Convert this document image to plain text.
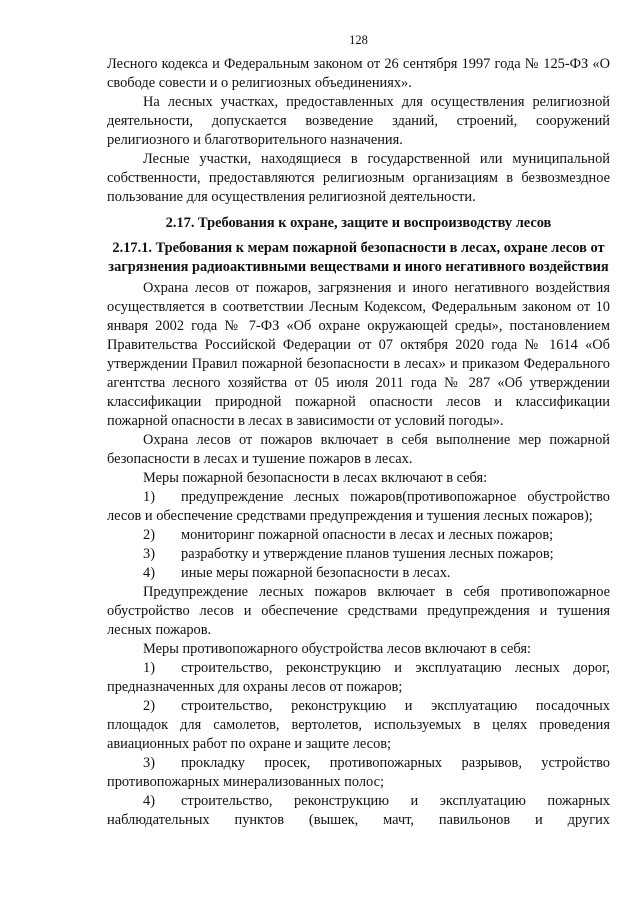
128

Лесного кодекса и Федеральным законом от 26 сентября 1997 года № 125-ФЗ «О свободе совести и о религиозных объединениях».

На лесных участках, предоставленных для осуществления религиозной деятельности, допускается возведение зданий, строений, сооружений религиозного и благотворительного назначения.

Лесные участки, находящиеся в государственной или муниципальной собственности, предоставляются религиозным организациям в безвозмездное пользование для осуществления религиозной деятельности.

2.17. Требования к охране, защите и воспроизводству лесов
2.17.1. Требования к мерам пожарной безопасности в лесах, охране лесов от загрязнения радиоактивными веществами и иного негативного воздействия

Охрана лесов от пожаров, загрязнения и иного негативного воздействия осуществляется в соответствии Лесным Кодексом, Федеральным законом от 10 января 2002 года № 7-ФЗ «Об охране окружающей среды», постановлением Правительства Российской Федерации от 07 октября 2020 года № 1614 «Об утверждении Правил пожарной безопасности в лесах» и приказом Федерального агентства лесного хозяйства от 05 июля 2011 года № 287 «Об утверждении классификации природной пожарной опасности лесов и классификации пожарной опасности в лесах в зависимости от условий погоды».

Охрана лесов от пожаров включает в себя выполнение мер пожарной безопасности в лесах и тушение пожаров в лесах.

Меры пожарной безопасности в лесах включают в себя:

1) предупреждение лесных пожаров(противопожарное обустройство лесов и обеспечение средствами предупреждения и тушения лесных пожаров);

2) мониторинг пожарной опасности в лесах и лесных пожаров;

3) разработку и утверждение планов тушения лесных пожаров;

4) иные меры пожарной безопасности в лесах.

Предупреждение лесных пожаров включает в себя противопожарное обустройство лесов и обеспечение средствами предупреждения и тушения лесных пожаров.

Меры противопожарного обустройства лесов включают в себя:

1) строительство, реконструкцию и эксплуатацию лесных дорог, предназначенных для охраны лесов от пожаров;

2) строительство, реконструкцию и эксплуатацию посадочных площадок для самолетов, вертолетов, используемых в целях проведения авиационных работ по охране и защите лесов;

3) прокладку просек, противопожарных разрывов, устройство противопожарных минерализованных полос;

4) строительство, реконструкцию и эксплуатацию пожарных наблюдательных пунктов (вышек, мачт, павильонов и других
